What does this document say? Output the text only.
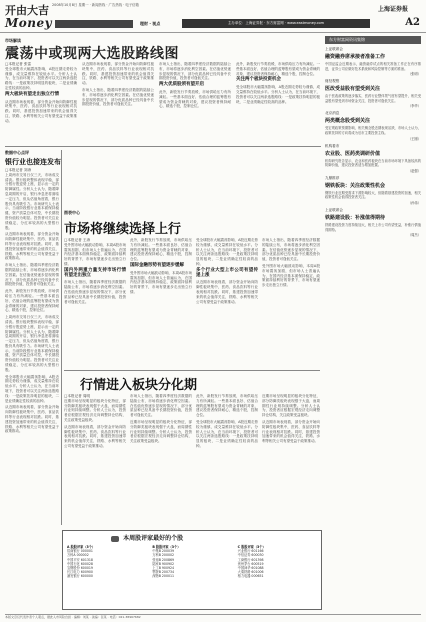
开由大吉 2008年10月8日 星期一 · 新闻热线 · 广告热线 · 电子信箱
上海证券报
Money	理财 · 视点	主办单位：上海证券报 · 东方财富网 · www.eastmoney.com	A2
市场解读
震荡中或现两大选股路线图
□本报记者 张雷

受全球股市大幅震荡影响，A股近期走势较为谨慎，成交量维持在较低水平。分析人士认为，在当前环境下，投资者可以关注两条选股路线：一是政策扶持明显的板块，二是业绩确定性较高的品种。

两大板块有望走出独立行情

从近期市场表现看，部分资金开始向防御性板块集中，医药、食品饮料等行业表现相对抗跌。同时，基建投资加速带来的机会值得关注，铁路、水利等相关公司有望受益于政策推动。

从近期市场表现看，部分资金开始向防御性板块集中，医药、食品饮料等行业表现相对抗跌。同时，基建投资加速带来的机会值得关注，铁路、水利等相关公司有望受益于政策推动。

市场人士指出，随着四季度经济数据的陆续公布，市场将逐步消化利空因素。在估值优势逐步显现的情况下，部分优质品种已经具备中长期投资价值，投资者可逢低关注。

市场人士指出，随着四季度经济数据的陆续公布，市场将逐步消化利空因素。在估值优势逐步显现的情况下，部分优质品种已经具备中长期投资价值，投资者可逢低关注。

两大优质股须有望开启

此外，新股发行节奏放缓，市场供给压力有所减轻。一些基本面良好、估值合理的蓝筹股有望成为资金青睐的对象，建议投资者保持耐心，精选个股，控制仓位。

此外，新股发行节奏放缓，市场供给压力有所减轻。一些基本面良好、估值合理的蓝筹股有望成为资金青睐的对象，建议投资者保持耐心，精选个股，控制仓位。

关注两个板块投资机会

受全球股市大幅震荡影响，A股近期走势较为谨慎，成交量维持在较低水平。分析人士认为，在当前环境下，投资者可以关注两条选股路线：一是政策扶持明显的板块，二是业绩确定性较高的品种。

数据中心点评
银行业也接连发布
□本报记者 刘涛

上周两市交易日仅三天，市场成交清淡。银行板块整体表现平稳，部分银行股逆势上涨，显示出一定的防御属性。分析人士认为，随着降息周期的开启，银行净息差将面临一定压力，但从估值角度看，银行股仍具有吸引力。市场研究人士表示，当前阶段银行业基本面保持稳健，资产质量总体可控，中长期投资价值较为明显。投资者可关注业绩稳定、分红率较高的大型银行股。

从近期市场表现看，部分资金开始向防御性板块集中，医药、食品饮料等行业表现相对抗跌。同时，基建投资加速带来的机会值得关注，铁路、水利等相关公司有望受益于政策推动。

市场人士指出，随着四季度经济数据的陆续公布，市场将逐步消化利空因素。在估值优势逐步显现的情况下，部分优质品种已经具备中长期投资价值，投资者可逢低关注。

此外，新股发行节奏放缓，市场供给压力有所减轻。一些基本面良好、估值合理的蓝筹股有望成为资金青睐的对象，建议投资者保持耐心，精选个股，控制仓位。

上周两市交易日仅三天，市场成交清淡。银行板块整体表现平稳，部分银行股逆势上涨，显示出一定的防御属性。分析人士认为，随着降息周期的开启，银行净息差将面临一定压力，但从估值角度看，银行股仍具有吸引力。市场研究人士表示，当前阶段银行业基本面保持稳健，资产质量总体可控，中长期投资价值较为明显。投资者可关注业绩稳定、分红率较高的大型银行股。

受全球股市大幅震荡影响，A股近期走势较为谨慎，成交量维持在较低水平。分析人士认为，在当前环境下，投资者可以关注两条选股路线：一是政策扶持明显的板块，二是业绩确定性较高的品种。

从近期市场表现看，部分资金开始向防御性板块集中，医药、食品饮料等行业表现相对抗跌。同时，基建投资加速带来的机会值得关注，铁路、水利等相关公司有望受益于政策推动。

图表中心
市场将继续选择上行
□本报记者 王涛

受外围市场大幅波动影响，本周A股市场震荡加剧，但市场人士普遍认为，在国内经济基本面保持稳定、政策面持续利好的背景下，市场有望逐步走出独立行情。

国内外两重力量支持市场行情有望走出独立

市场人士指出，随着四季度经济数据的陆续公布，市场将逐步消化利空因素。在估值优势逐步显现的情况下，部分优质品种已经具备中长期投资价值，投资者可逢低关注。

此外，新股发行节奏放缓，市场供给压力有所减轻。一些基本面良好、估值合理的蓝筹股有望成为资金青睐的对象，建议投资者保持耐心，精选个股，控制仓位。

国际金融形势有望逐步缓解

受外围市场大幅波动影响，本周A股市场震荡加剧，但市场人士普遍认为，在国内经济基本面保持稳定、政策面持续利好的背景下，市场有望逐步走出独立行情。

受全球股市大幅震荡影响，A股近期走势较为谨慎，成交量维持在较低水平。分析人士认为，在当前环境下，投资者可以关注两条选股路线：一是政策扶持明显的板块，二是业绩确定性较高的品种。

多个行业大型上市公司有望传递上涨

从近期市场表现看，部分资金开始向防御性板块集中，医药、食品饮料等行业表现相对抗跌。同时，基建投资加速带来的机会值得关注，铁路、水利等相关公司有望受益于政策推动。

市场人士指出，随着四季度经济数据的陆续公布，市场将逐步消化利空因素。在估值优势逐步显现的情况下，部分优质品种已经具备中长期投资价值，投资者可逢低关注。

受外围市场大幅波动影响，本周A股市场震荡加剧，但市场人士普遍认为，在国内经济基本面保持稳定、政策面持续利好的背景下，市场有望逐步走出独立行情。

行情进入板块分化期
□本报记者 周明

近期市场呈现明显的板块分化特征，部分防御类板块表现强于大盘，而周期性行业则持续调整。分析人士认为，投资者应根据宏观经济走向调整持仓结构，关注政策受益板块。

从近期市场表现看，部分资金开始向防御性板块集中，医药、食品饮料等行业表现相对抗跌。同时，基建投资加速带来的机会值得关注，铁路、水利等相关公司有望受益于政策推动。

市场人士指出，随着四季度经济数据的陆续公布，市场将逐步消化利空因素。在估值优势逐步显现的情况下，部分优质品种已经具备中长期投资价值，投资者可逢低关注。

近期市场呈现明显的板块分化特征，部分防御类板块表现强于大盘，而周期性行业则持续调整。分析人士认为，投资者应根据宏观经济走向调整持仓结构，关注政策受益板块。

此外，新股发行节奏放缓，市场供给压力有所减轻。一些基本面良好、估值合理的蓝筹股有望成为资金青睐的对象，建议投资者保持耐心，精选个股，控制仓位。

受全球股市大幅震荡影响，A股近期走势较为谨慎，成交量维持在较低水平。分析人士认为，在当前环境下，投资者可以关注两条选股路线：一是政策扶持明显的板块，二是业绩确定性较高的品种。

近期市场呈现明显的板块分化特征，部分防御类板块表现强于大盘，而周期性行业则持续调整。分析人士认为，投资者应根据宏观经济走向调整持仓结构，关注政策受益板块。

从近期市场表现看，部分资金开始向防御性板块集中，医药、食品饮料等行业表现相对抗跌。同时，基建投资加速带来的机会值得关注，铁路、水利等相关公司有望受益于政策推动。

东方财富网资讯集锦
上证联席会
融资融券席承接者准备工作
中国证监会近期表示，融资融券试点的相关准备工作正在有序推进，证券公司应做好技术系统和风险控制等方面的准备。
（张明）
财经观察
医改受益股有望受到关注
由于医改政策的逐步落实，医药行业整体景气度有望提升，相关受益股有望受到市场资金关注，投资者可逢低关注。
（李华）
北京消息
两类概念股受到关注
受宏观政策预期影响，相关概念股近期表现活跃，市场人士认为，政策扶持的方向将成为后市主要投资主线。
（王刚）
机构看市
农业股、医药类调研价值
机构研究报告显示，农业和医药板块在当前市场环境下具备较高的防御价值，建议投资者适当增加配置。
（赵强）
九鼎推荐
钢铁板块：关注政策性机会
钢铁行业近期受需求下滑影响较大，但随着基建投资的加速，相关政策性机会值得投资者关注。
（孙伟）
上证联席会
铁路建设股：补涨值得期待
铁路建设投资力度持续加大，相关上市公司有望受益，补涨行情值得期待。
（周杰）
本周股评家最好的个股
A 股股评家（3个）
招商银行 000001
万科A 000002
中国平安 601318
中国石化 600028
宝钢股份 600019
长江电力 600900
浦发银行 600000
B 股股评家（3个）
中集B 200039
万科B 200002
张裕B 200869
陆家B 900902
上工B 900924
鄂资B 200734
深物B 200011
C 股股评家（3个）
兴业银行 601166
中信证券 600030
工商银行 601398
贵州茅台 600519
中国神华 601088
大秦铁路 601006
格力电器 000651
本版文章仅代表作者个人观点，据此入市风险自担 · 编辑：刘某 · 美编：张某 · 电话：021-38967682
